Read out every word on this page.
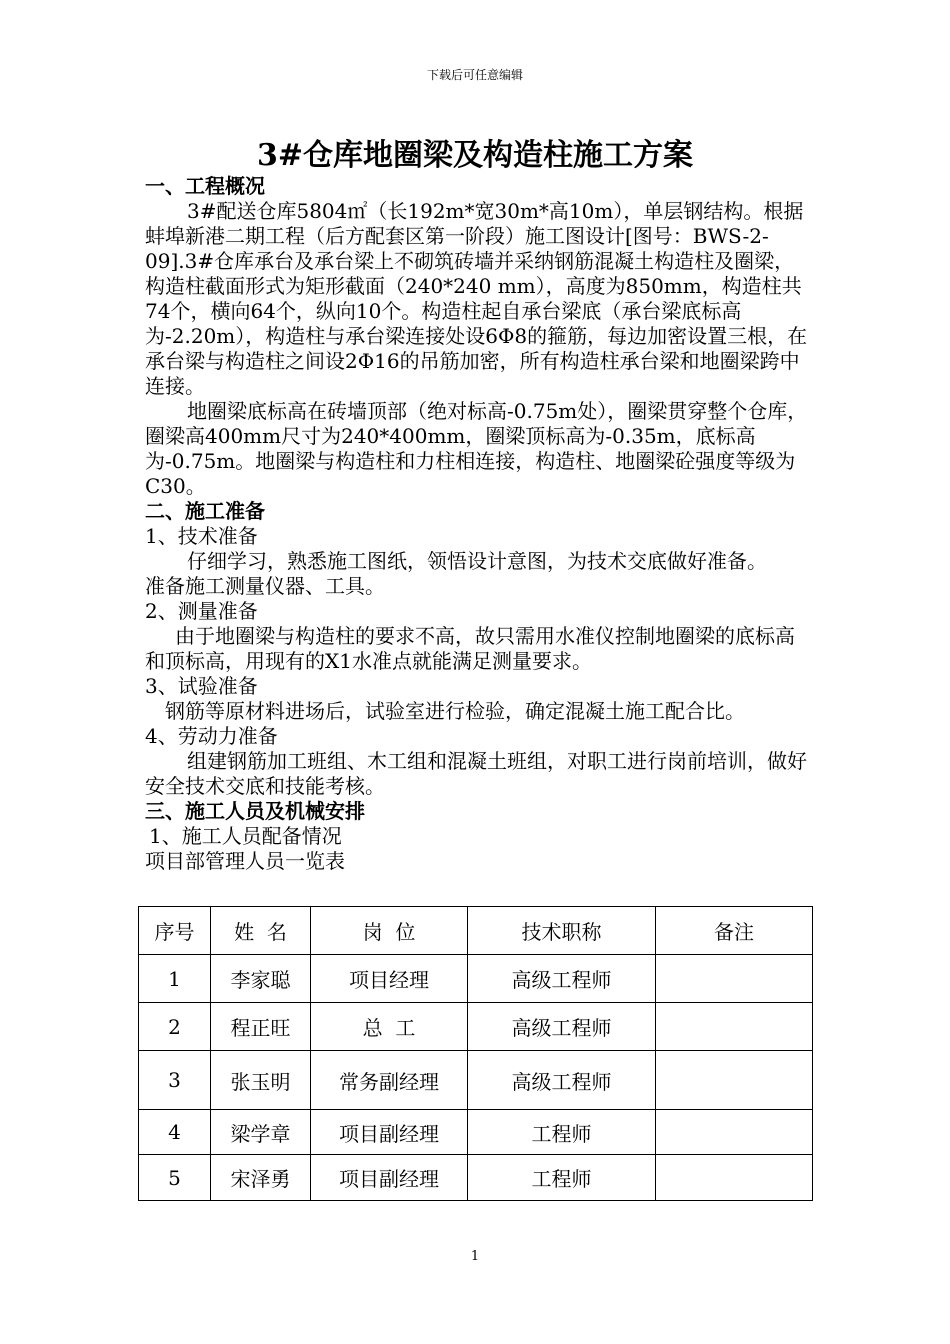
下载后可任意编辑
3#仓库地圈梁及构造柱施工方案

一、工程概况

3#配送仓库5804㎡（长192m*宽30m*高10m），单层钢结构。根据蚌埠新港二期工程（后方配套区第一阶段）施工图设计[图号：BWS-2-09].3#仓库承台及承台梁上不砌筑砖墙并采纳钢筋混凝土构造柱及圈梁，构造柱截面形式为矩形截面（240*240 mm），高度为850mm，构造柱共74个，横向64个，纵向10个。构造柱起自承台梁底（承台梁底标高为-2.20m），构造柱与承台梁连接处设6Φ8的箍筋，每边加密设置三根，在承台梁与构造柱之间设2Φ16的吊筋加密，所有构造柱承台梁和地圈梁跨中连接。

地圈梁底标高在砖墙顶部（绝对标高-0.75m处），圈梁贯穿整个仓库，圈梁高400mm尺寸为240*400mm，圈梁顶标高为-0.35m，底标高为-0.75m。地圈梁与构造柱和力柱相连接，构造柱、地圈梁砼强度等级为C30。

二、施工准备

1、技术准备

仔细学习，熟悉施工图纸，领悟设计意图，为技术交底做好准备。

准备施工测量仪器、工具。

2、测量准备

由于地圈梁与构造柱的要求不高，故只需用水准仪控制地圈梁的底标高和顶标高，用现有的X1水准点就能满足测量要求。

3、试验准备

钢筋等原材料进场后，试验室进行检验，确定混凝土施工配合比。

4、劳动力准备

组建钢筋加工班组、木工组和混凝土班组，对职工进行岗前培训，做好安全技术交底和技能考核。

三、施工人员及机械安排

1、施工人员配备情况

项目部管理人员一览表

序号	姓  名	岗  位	技术职称	备注
1	李家聪	项目经理	高级工程师	
2	程正旺	总  工	高级工程师	
3	张玉明	常务副经理	高级工程师	
4	梁学章	项目副经理	工程师	
5	宋泽勇	项目副经理	工程师	
1
